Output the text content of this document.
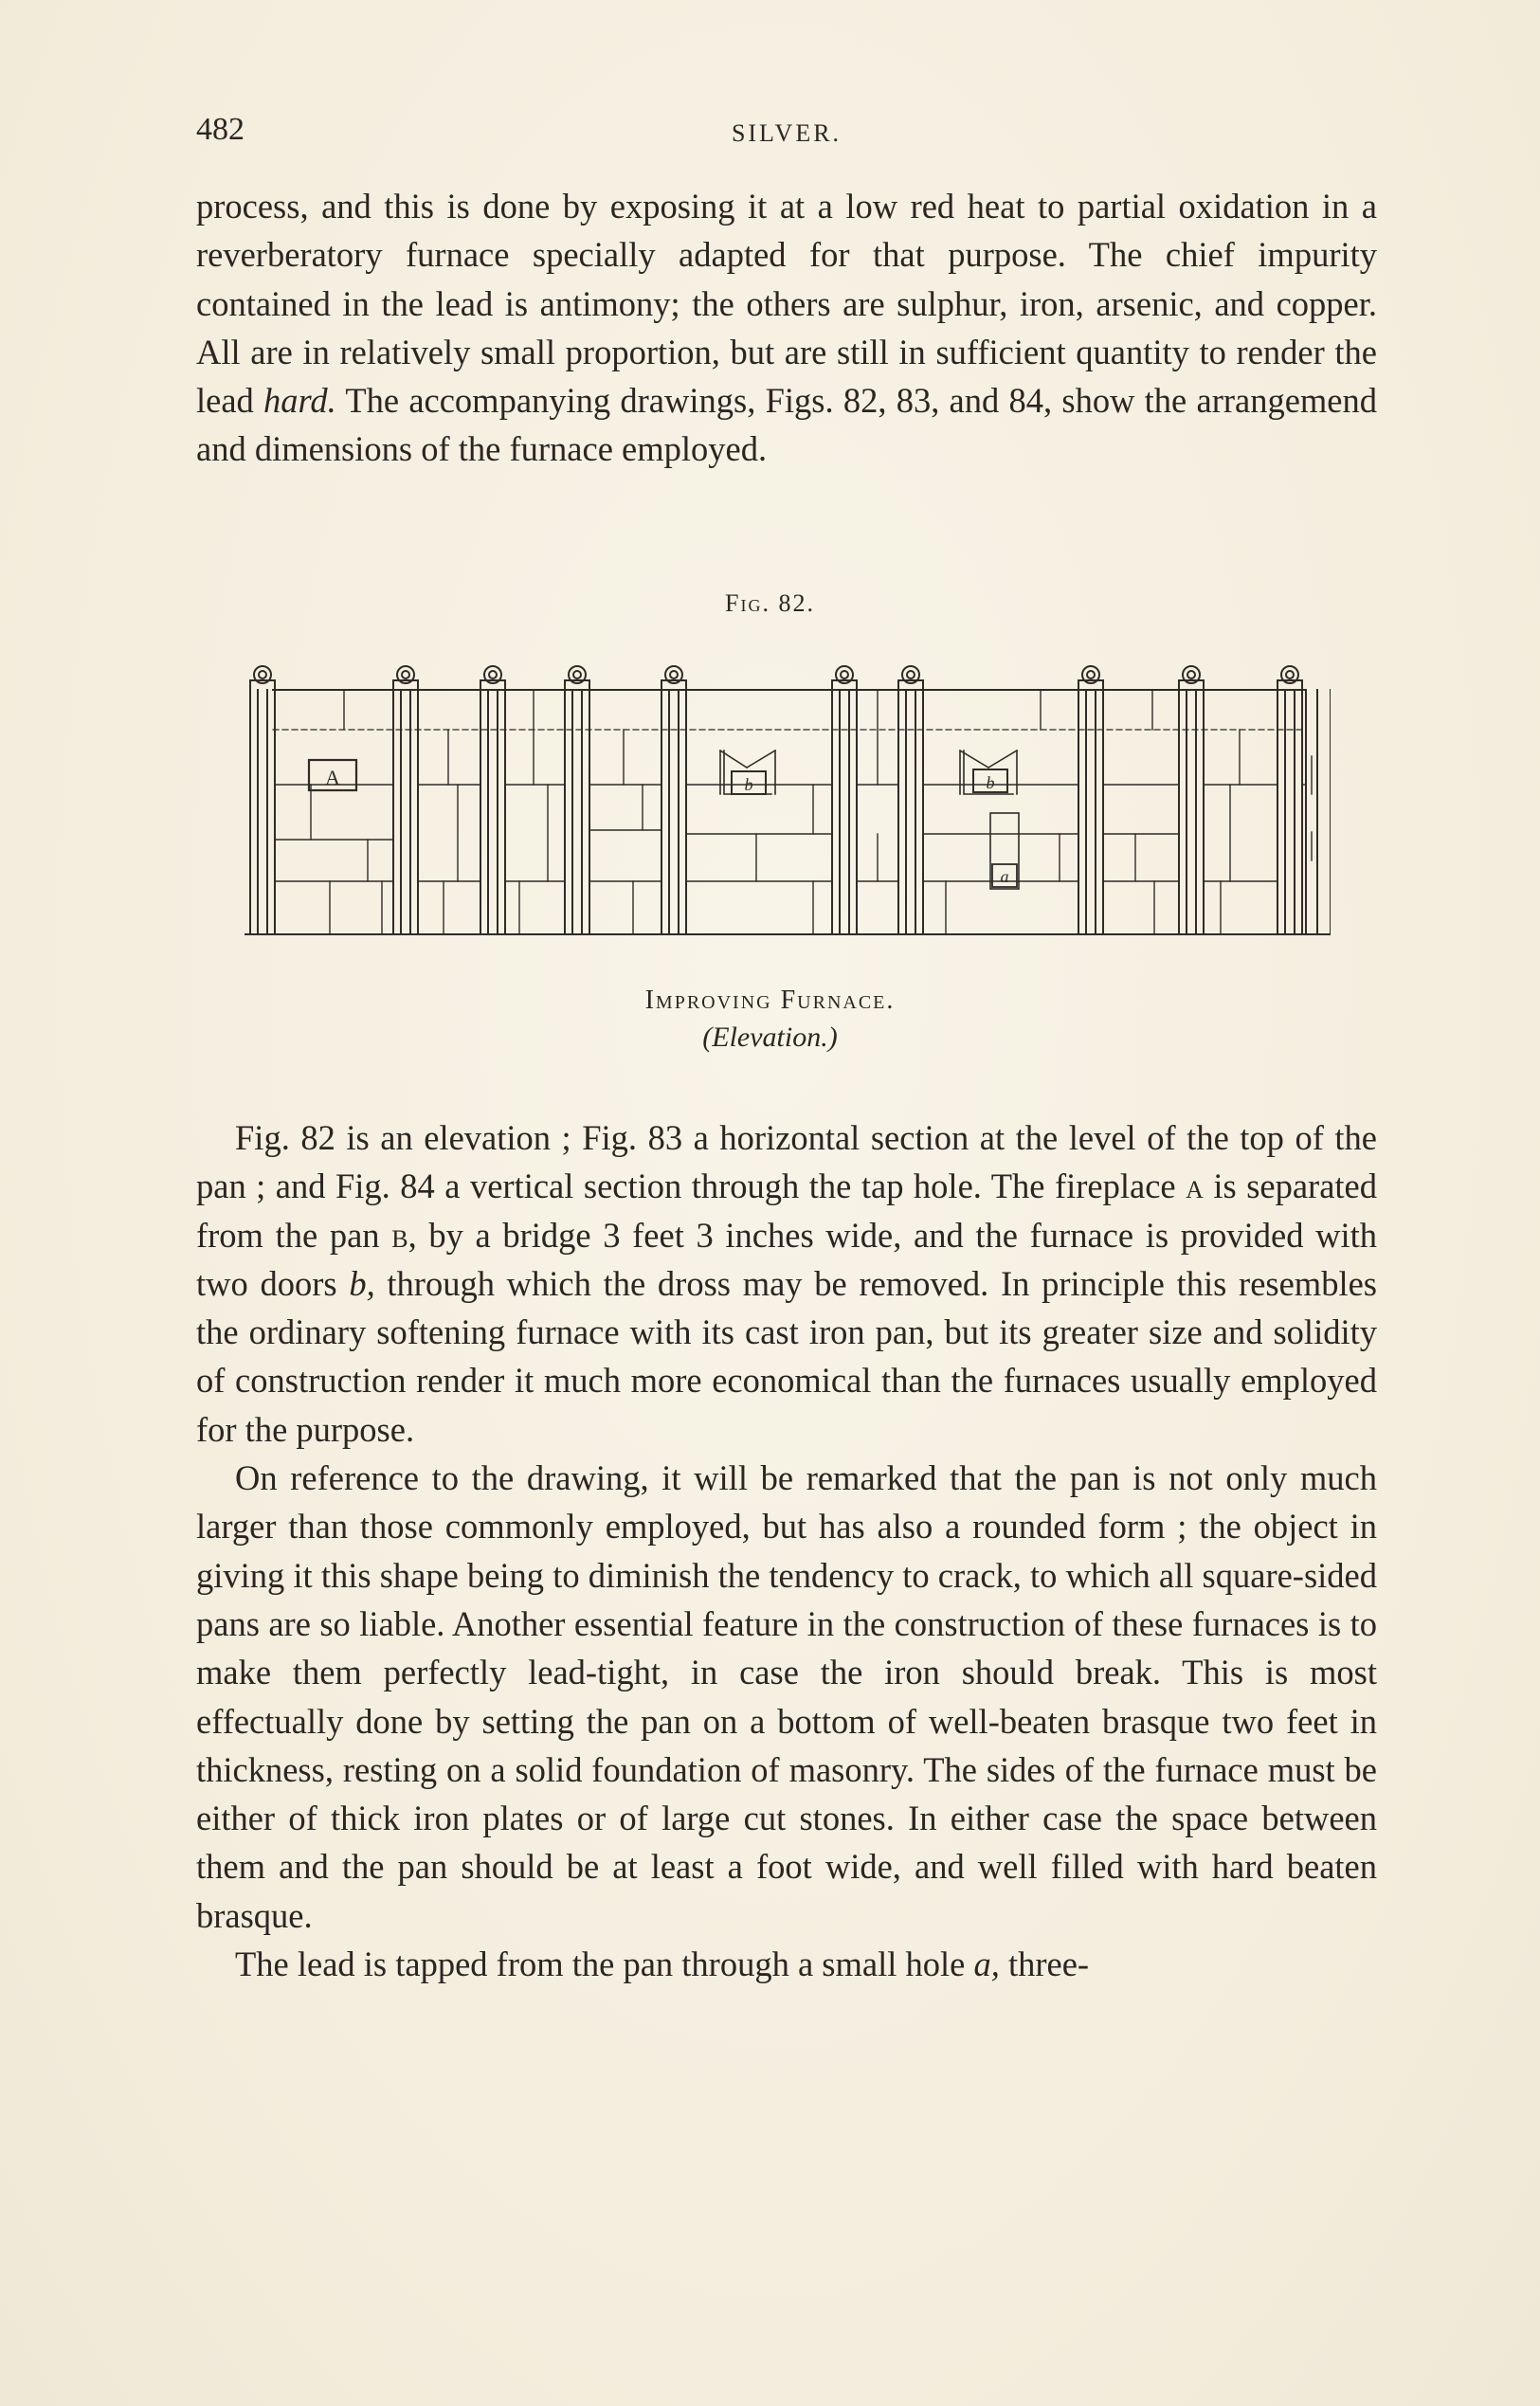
482	SILVER.

process, and this is done by exposing it at a low red heat to partial oxidation in a reverberatory furnace specially adapted for that purpose. The chief impurity contained in the lead is antimony; the others are sulphur, iron, arsenic, and copper. All are in relatively small proportion, but are still in sufficient quantity to render the lead hard. The accompanying drawings, Figs. 82, 83, and 84, show the arrangemend and dimensions of the furnace employed.

Fig. 82.
A	b	b
a
Improving Furnace.
(Elevation.)

Fig. 82 is an elevation ; Fig. 83 a horizontal section at the level of the top of the pan ; and Fig. 84 a vertical section through the tap hole. The fireplace a is separated from the pan b, by a bridge 3 feet 3 inches wide, and the furnace is provided with two doors b, through which the dross may be removed. In principle this resembles the ordinary softening furnace with its cast iron pan, but its greater size and solidity of construction render it much more economical than the furnaces usually employed for the purpose.

On reference to the drawing, it will be remarked that the pan is not only much larger than those commonly employed, but has also a rounded form ; the object in giving it this shape being to diminish the tendency to crack, to which all square-sided pans are so liable. Another essential feature in the construction of these furnaces is to make them perfectly lead-tight, in case the iron should break. This is most effectually done by setting the pan on a bottom of well-beaten brasque two feet in thickness, resting on a solid foundation of masonry. The sides of the furnace must be either of thick iron plates or of large cut stones. In either case the space between them and the pan should be at least a foot wide, and well filled with hard beaten brasque.

The lead is tapped from the pan through a small hole a, three-
